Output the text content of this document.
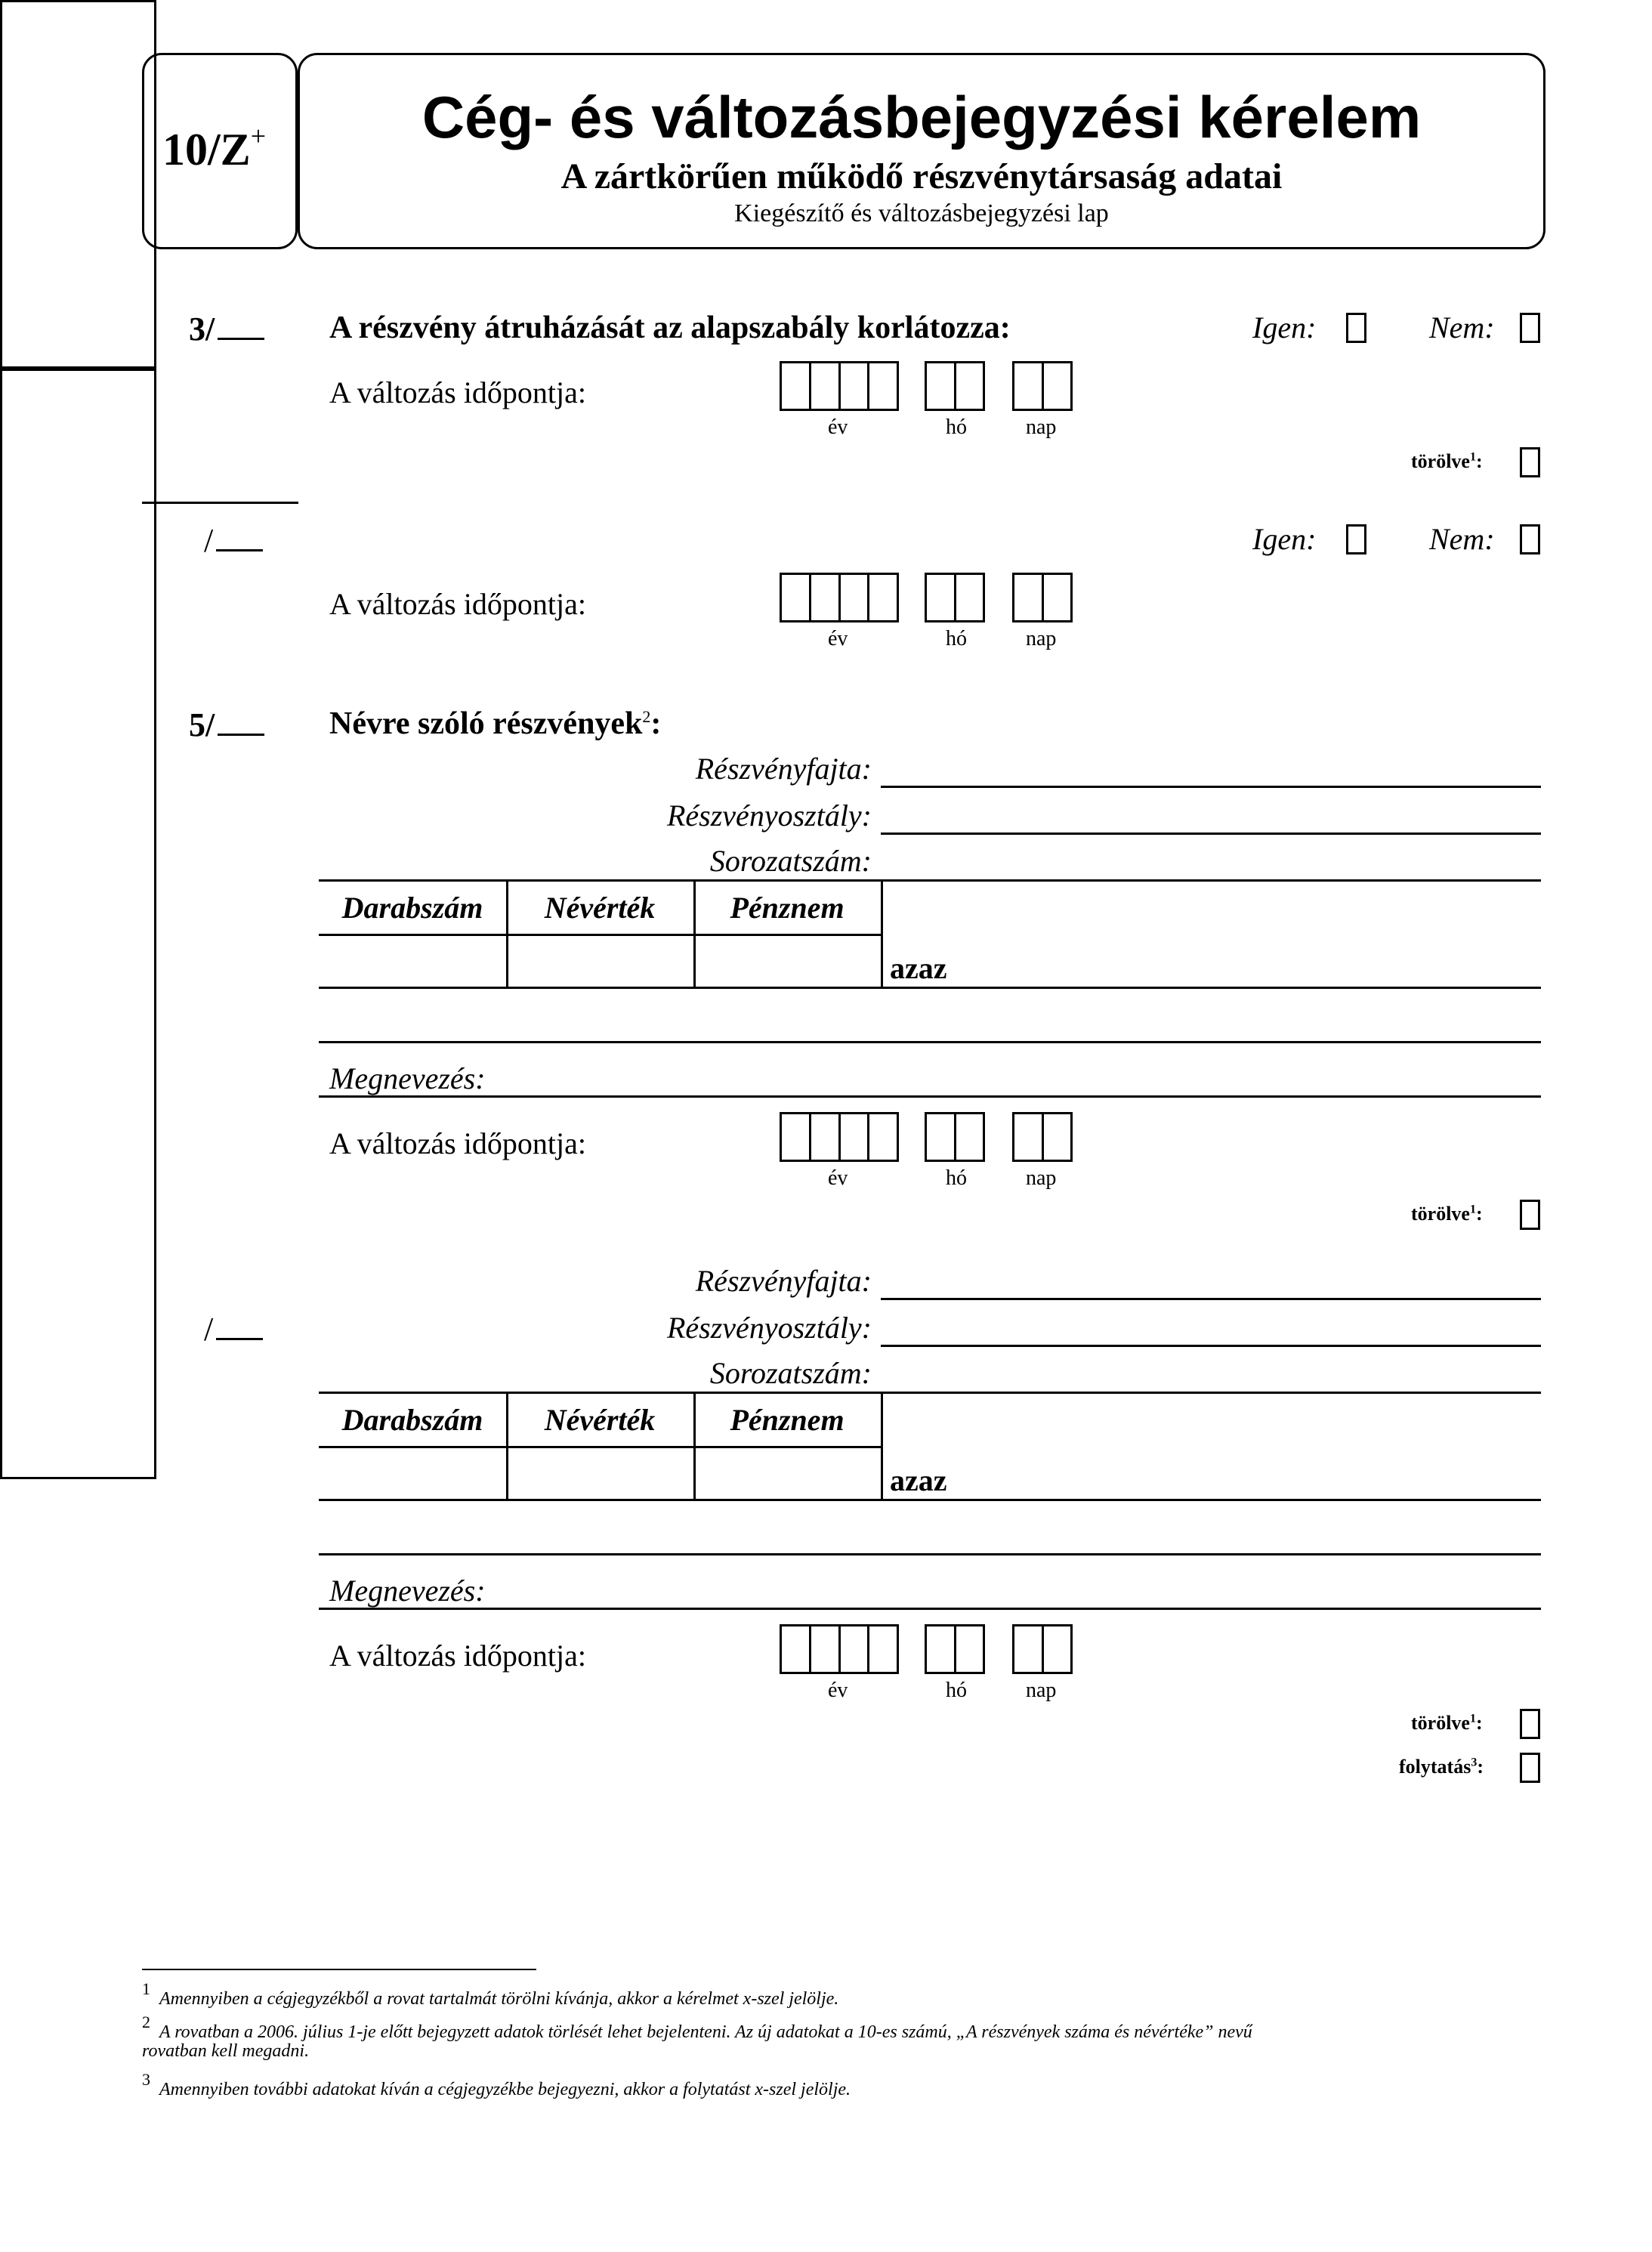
10/Z+	Cég- és változásbejegyzési kérelem
A zártkörűen működő részvénytársaság adatai
Kiegészítő és változásbejegyzési lap
3/
/
A részvény átruházását az alapszabály korlátozza:	Igen:	Nem:
A változás időpontja:
év	hó	nap
törölve$^1$:
Igen:	Nem:
A változás időpontja:
év	hó	nap
5/
/
Névre szóló részvények$^2$:
Részvényfajta:
Részvényosztály:
Sorozatszám:
Darabszám	Névérték	Pénznem
azaz
Megnevezés:
A változás időpontja:
év	hó	nap
törölve$^1$:
Részvényfajta:
Részvényosztály:
Sorozatszám:
Darabszám	Névérték	Pénznem
azaz
Megnevezés:
A változás időpontja:
év	hó	nap
törölve$^1$:
folytatás$^3$:
$^1$Amennyiben a cégjegyzékből a rovat tartalmát törölni kívánja, akkor a kérelmet x-szel jelölje.
$^2$A rovatban a 2006. július 1-je előtt bejegyzett adatok törlését lehet bejelenteni. Az új adatokat a 10-es számú, „A részvények száma és névértéke” nevű
rovatban kell megadni.
$^3$Amennyiben további adatokat kíván a cégjegyzékbe bejegyezni, akkor a folytatást x-szel jelölje.
